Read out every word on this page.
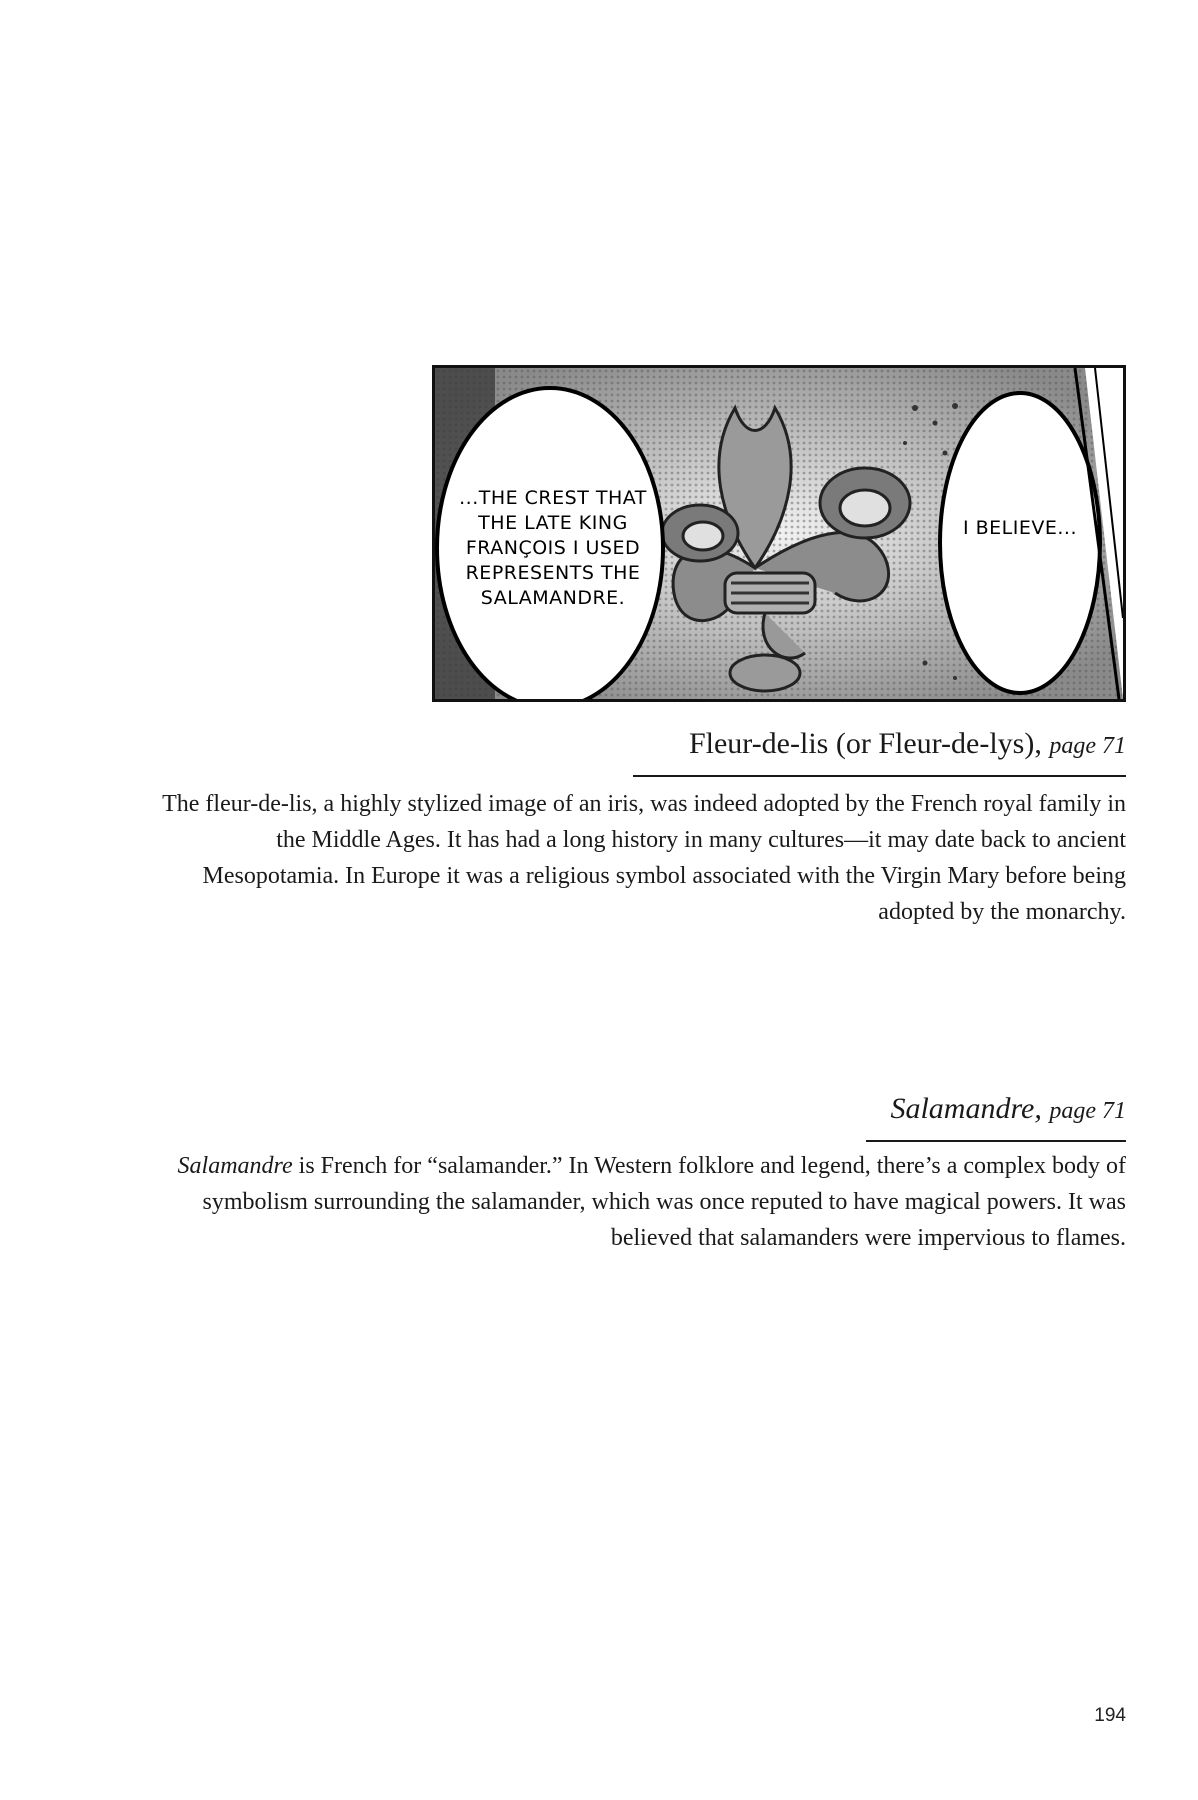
...THE CREST THAT
THE LATE KING
FRANÇOIS I USED
REPRESENTS THE
SALAMANDRE.
I BELIEVE...
Fleur-de-lis (or Fleur-de-lys), page 71
The fleur-de-lis, a highly stylized image of an iris, was indeed adopted by the French royal family in the Middle Ages. It has had a long history in many cultures—it may date back to ancient Mesopotamia. In Europe it was a religious symbol associated with the Virgin Mary before being adopted by the monarchy.
Salamandre, page 71
Salamandre is French for “salamander.” In Western folklore and legend, there’s a complex body of symbolism surrounding the salamander, which was once reputed to have magical powers. It was believed that salamanders were impervious to flames.
194
